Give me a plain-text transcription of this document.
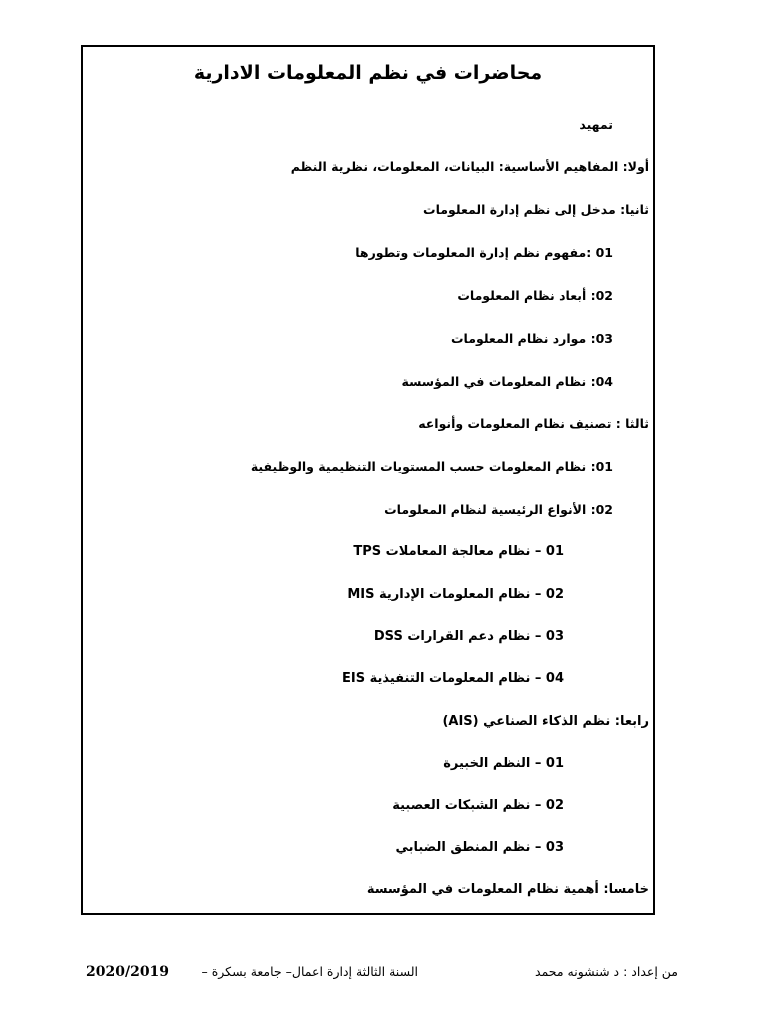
محاضرات في نظم المعلومات الادارية
تمهيد
أولا: المفاهيم الأساسية: البيانات، المعلومات، نظرية النظم
ثانيا: مدخل إلى نظم إدارة المعلومات
01 :مفهوم نظم إدارة المعلومات وتطورها
02: أبعاد نظام المعلومات
03: موارد نظام المعلومات
04: نظام المعلومات في المؤسسة
ثالثا : تصنيف نظام المعلومات وأنواعه
01: نظام المعلومات حسب المستويات التنظيمية والوظيفية
02: الأنواع الرئيسية لنظام المعلومات
01 – نظام معالجة المعاملات TPS
02 – نظام المعلومات الإدارية MIS
03 – نظام دعم القرارات DSS
04 – نظام المعلومات التنفيذية EIS
رابعا: نظم الذكاء الصناعي (AIS)
01 – النظم الخبيرة
02 – نظم الشبكات العصبية
03 – نظم المنطق الضبابي
خامسا: أهمية نظام المعلومات في المؤسسة
من إعداد : د شنشونه محمد
السنة الثالثة إدارة اعمال– جامعة بسكرة –
2020/2019
